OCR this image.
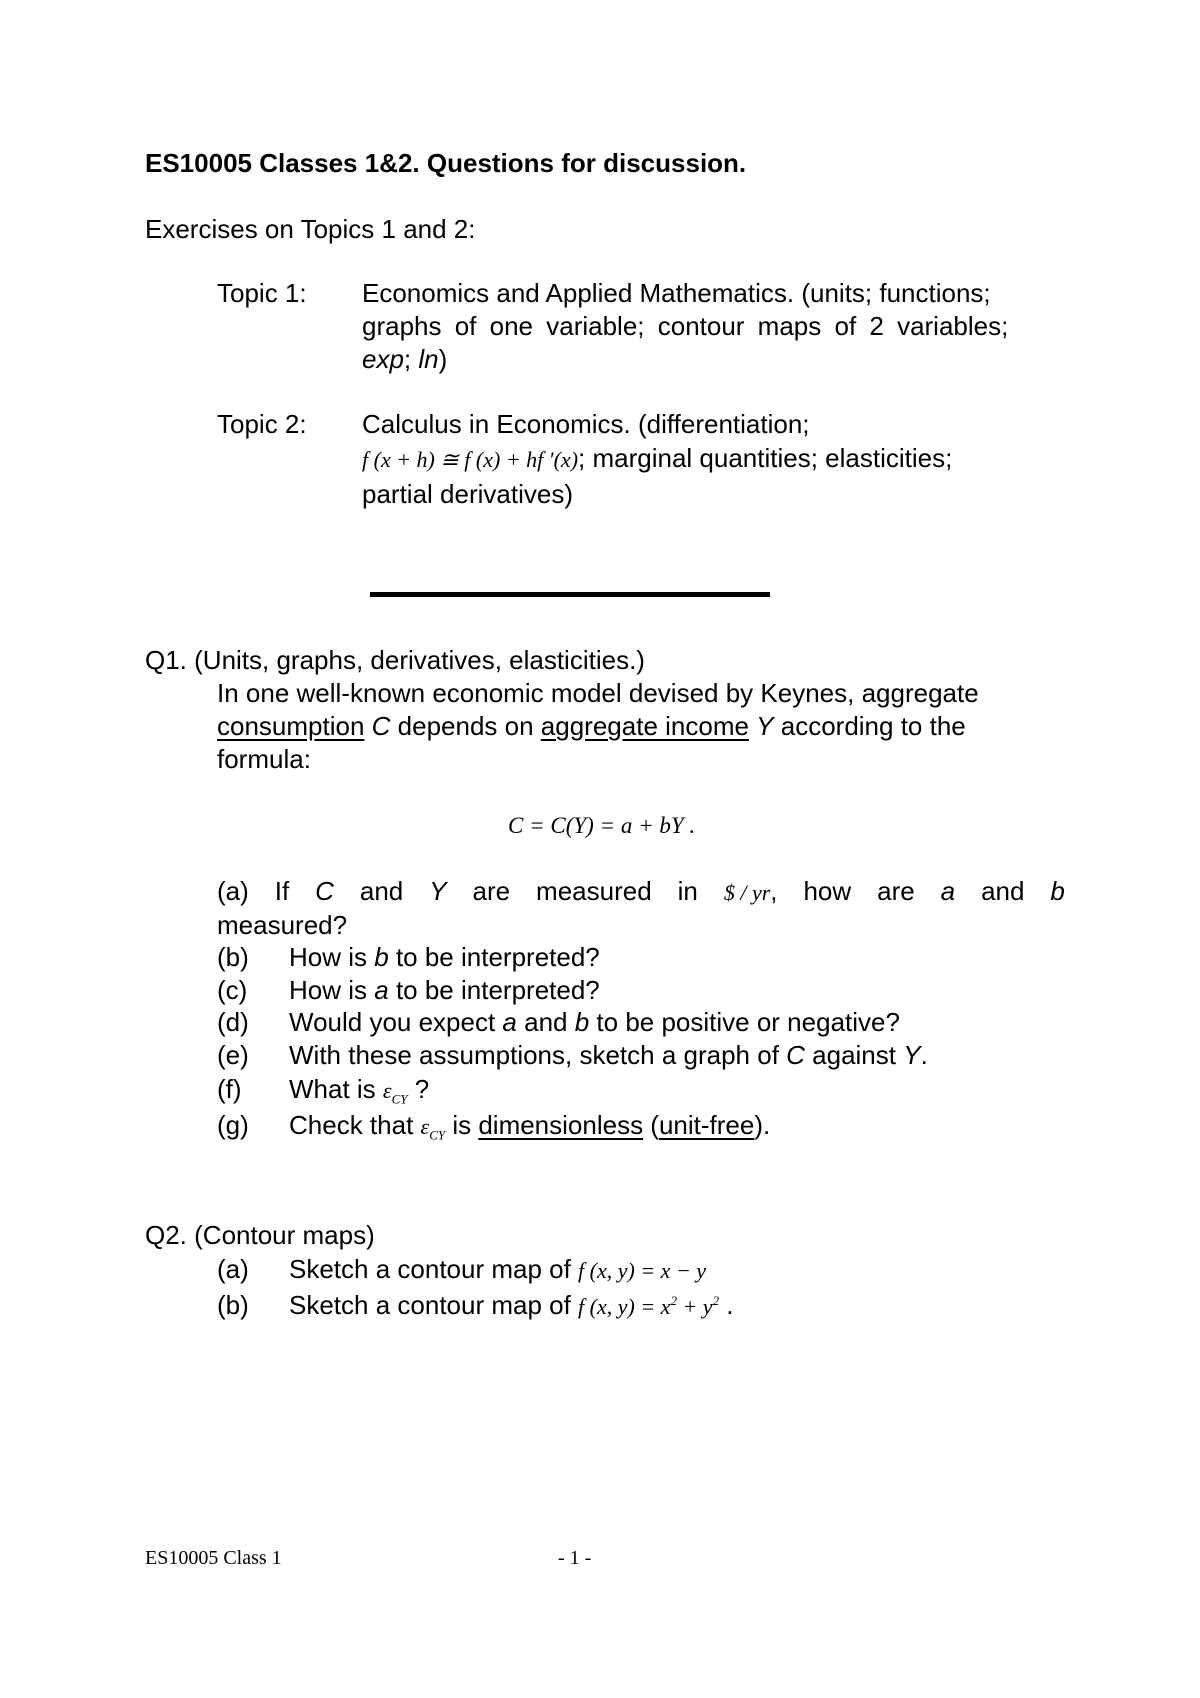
ES10005 Classes 1&2. Questions for discussion.
Exercises on Topics 1 and 2:
Topic 1: Economics and Applied Mathematics. (units; functions;
graphs of one variable; contour maps of 2 variables;
exp; ln)
Topic 2: Calculus in Economics. (differentiation;
f (x + h) ≅ f (x) + hf ′(x); marginal quantities; elasticities;
partial derivatives)
Q1. (Units, graphs, derivatives, elasticities.)
In one well-known economic model devised by Keynes, aggregate
consumption C depends on aggregate income Y according to the
formula:
C = C(Y) = a + bY .
(a) If C and Y are measured in $ / yr, how are a and b
measured?
(b) How is b to be interpreted?
(c) How is a to be interpreted?
(d) Would you expect a and b to be positive or negative?
(e) With these assumptions, sketch a graph of C against Y.
(f) What is $\varepsilon_{CY}$ ?
(g) Check that $\varepsilon_{CY}$ is dimensionless (unit-free).
Q2. (Contour maps)
(a) Sketch a contour map of f (x, y) = x − y
(b) Sketch a contour map of f (x, $y) = x^2 + y^2$ .
ES10005 Class 1	- 1 -
